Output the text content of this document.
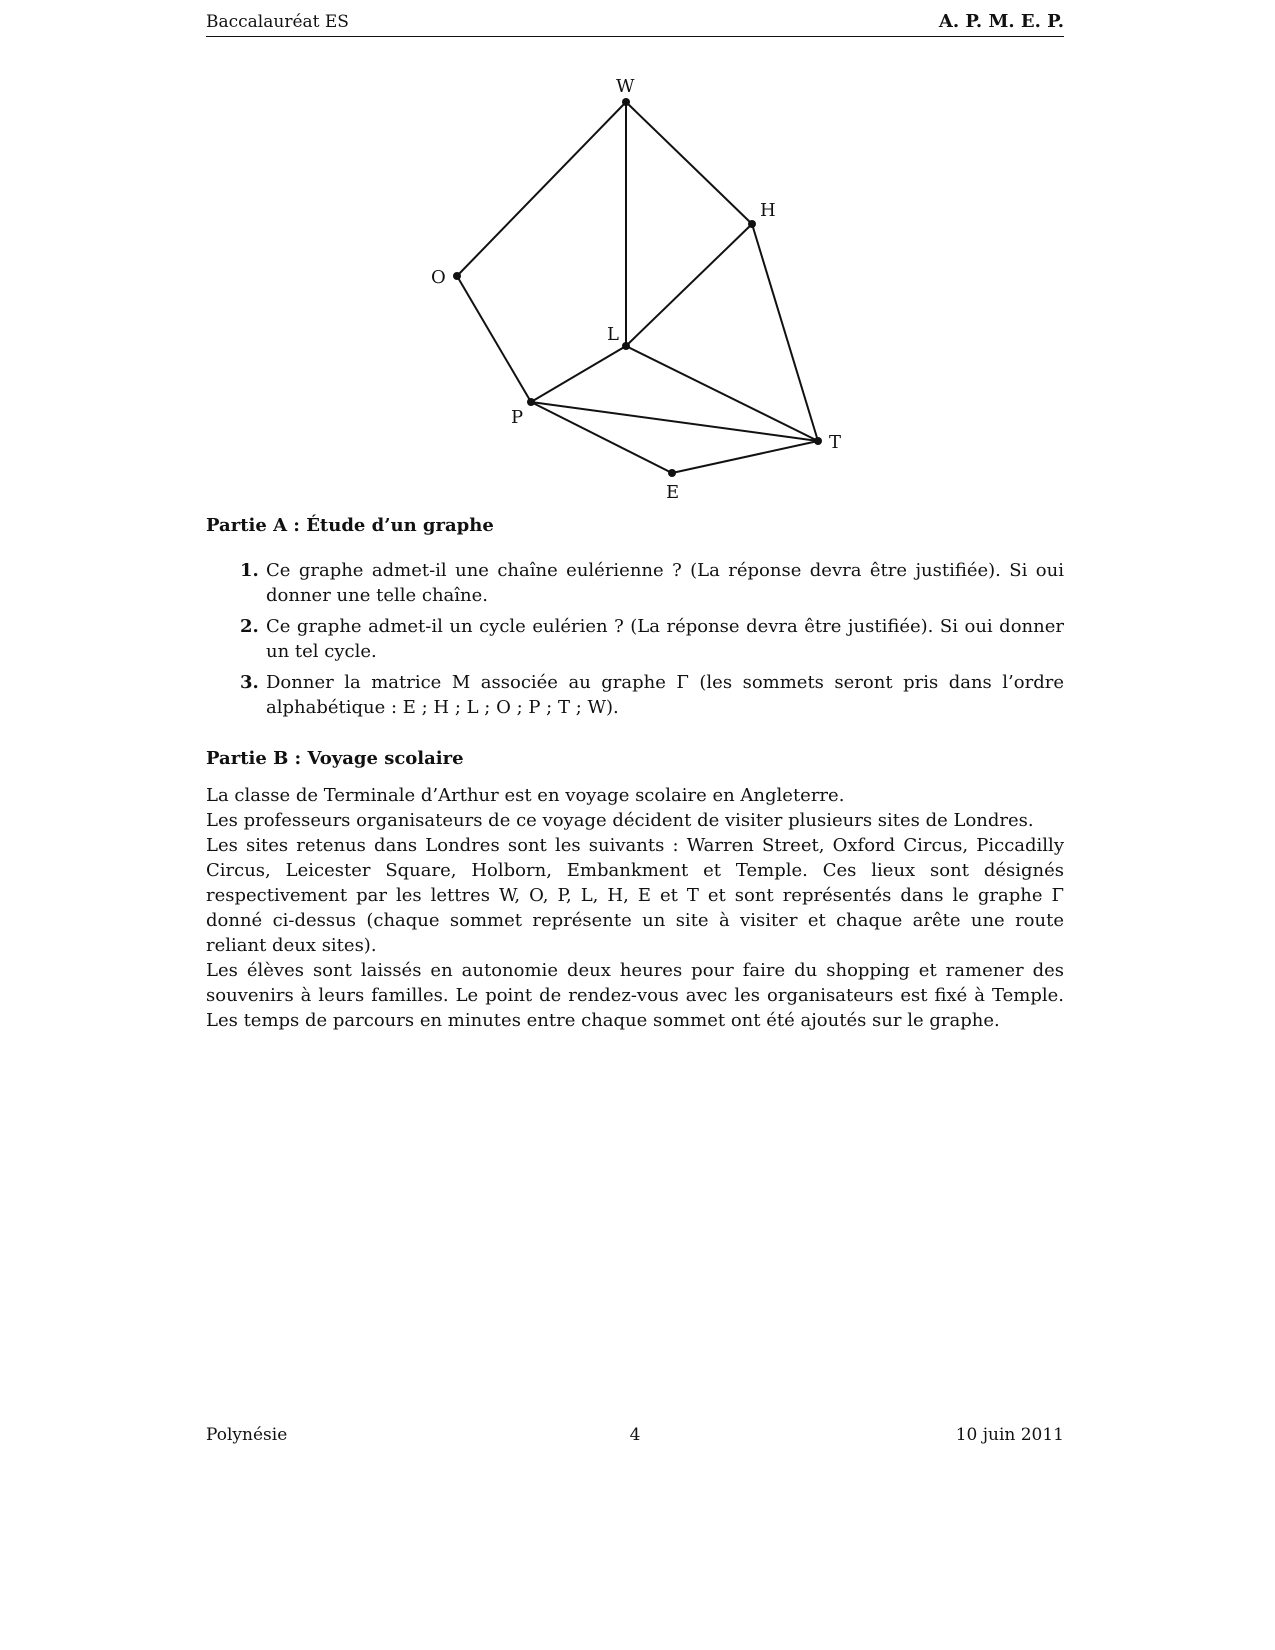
Baccalauréat ES	A. P. M. E. P.
W
H
O
L
P
T
E
Partie A : Étude d’un graphe
1. Ce graphe admet-il une chaîne eulérienne ? (La réponse devra être justifiée). Si oui donner une telle chaîne.
2. Ce graphe admet-il un cycle eulérien ? (La réponse devra être justifiée). Si oui donner un tel cycle.
3. Donner la matrice M associée au graphe Γ (les sommets seront pris dans l’ordre alphabétique : E ; H ; L ; O ; P ; T ; W).
Partie B : Voyage scolaire

La classe de Terminale d’Arthur est en voyage scolaire en Angleterre.

Les professeurs organisateurs de ce voyage décident de visiter plusieurs sites de Londres.

Les sites retenus dans Londres sont les suivants : Warren Street, Oxford Circus, Piccadilly Circus, Leicester Square, Holborn, Embankment et Temple. Ces lieux sont désignés respectivement par les lettres W, O, P, L, H, E et T et sont représentés dans le graphe Γ donné ci-dessus (chaque sommet représente un site à visiter et chaque arête une route reliant deux sites).

Les élèves sont laissés en autonomie deux heures pour faire du shopping et ramener des souvenirs à leurs familles. Le point de rendez-vous avec les organisateurs est fixé à Temple. Les temps de parcours en minutes entre chaque sommet ont été ajoutés sur le graphe.

Polynésie	4	10 juin 2011
